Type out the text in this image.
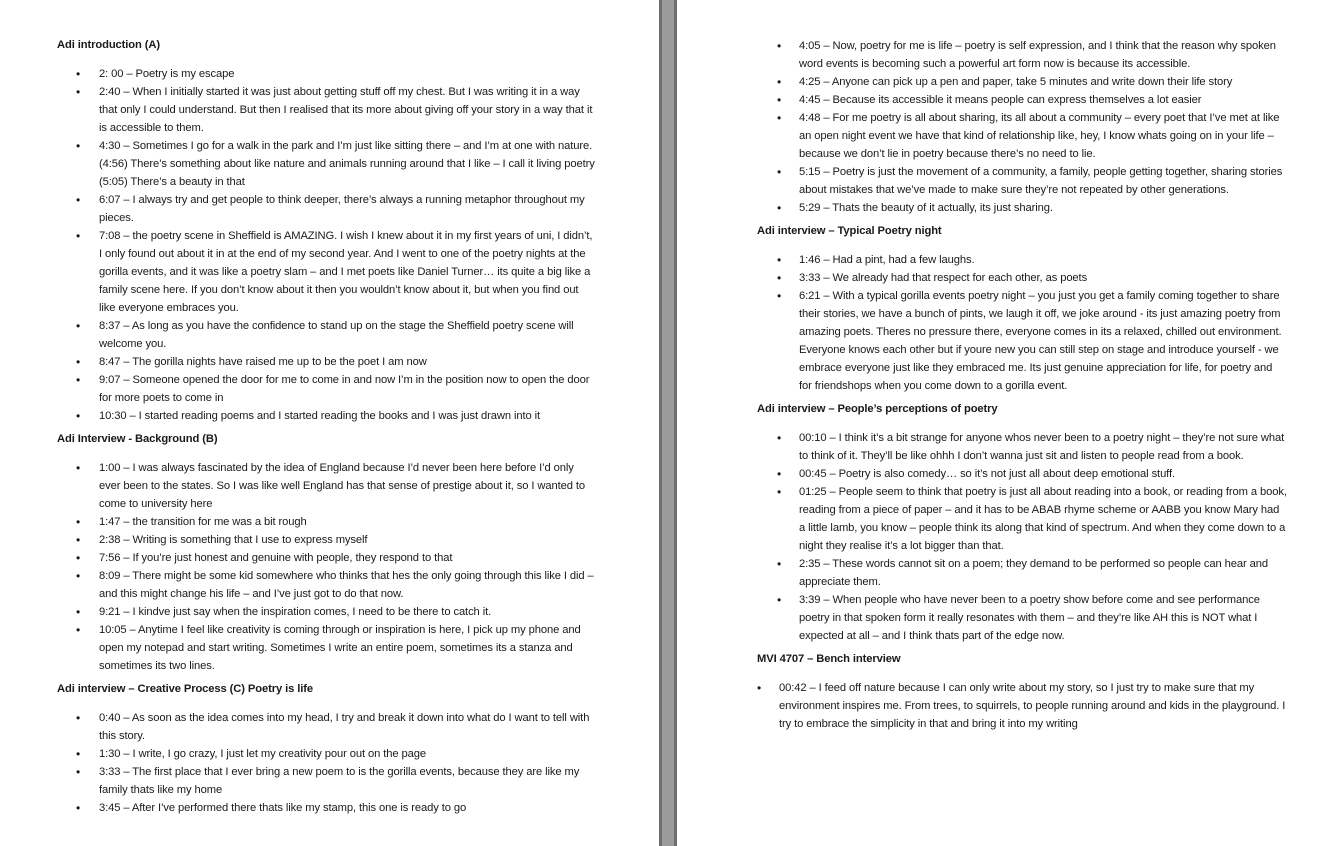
Adi introduction (A)
• 2: 00 – Poetry is my escape
• 2:40 – When I initially started it was just about getting stuff off my chest. But I was writing it in a way that only I could understand. But then I realised that its more about giving off your story in a way that it is accessible to them.
• 4:30 – Sometimes I go for a walk in the park and I’m just like sitting there – and I’m at one with nature. (4:56) There’s something about like nature and animals running around that I like – I call it living poetry (5:05) There’s a beauty in that
• 6:07 – I always try and get people to think deeper, there’s always a running metaphor throughout my pieces.
• 7:08 – the poetry scene in Sheffield is AMAZING. I wish I knew about it in my first years of uni, I didn’t, I only found out about it in at the end of my second year. And I went to one of the poetry nights at the gorilla events, and it was like a poetry slam – and I met poets like Daniel Turner… its quite a big like a family scene here. If you don’t know about it then you wouldn’t know about it, but when you find out like everyone embraces you.
• 8:37 – As long as you have the confidence to stand up on the stage the Sheffield poetry scene will welcome you.
• 8:47 – The gorilla nights have raised me up to be the poet I am now
• 9:07 – Someone opened the door for me to come in and now I’m in the position now to open the door for more poets to come in
• 10:30 – I started reading poems and I started reading the books and I was just drawn into it
Adi Interview - Background (B)
• 1:00 – I was always fascinated by the idea of England because I’d never been here before I’d only ever been to the states. So I was like well England has that sense of prestige about it, so I wanted to come to university here
• 1:47 – the transition for me was a bit rough
• 2:38 – Writing is something that I use to express myself
• 7:56 – If you’re just honest and genuine with people, they respond to that
• 8:09 – There might be some kid somewhere who thinks that hes the only going through this like I did – and this might change his life – and I’ve just got to do that now.
• 9:21 – I kindve just say when the inspiration comes, I need to be there to catch it.
• 10:05 – Anytime I feel like creativity is coming through or inspiration is here, I pick up my phone and open my notepad and start writing. Sometimes I write an entire poem, sometimes its a stanza and sometimes its two lines.
Adi interview – Creative Process (C) Poetry is life
• 0:40 – As soon as the idea comes into my head, I try and break it down into what do I want to tell with this story.
• 1:30 – I write, I go crazy, I just let my creativity pour out on the page
• 3:33 – The first place that I ever bring a new poem to is the gorilla events, because they are like my family thats like my home
• 3:45 – After I’ve performed there thats like my stamp, this one is ready to go
• 4:05 – Now, poetry for me is life – poetry is self expression, and I think that the reason why spoken word events is becoming such a powerful art form now is because its accessible.
• 4:25 – Anyone can pick up a pen and paper, take 5 minutes and write down their life story
• 4:45 – Because its accessible it means people can express themselves a lot easier
• 4:48 – For me poetry is all about sharing, its all about a community – every poet that I’ve met at like an open night event we have that kind of relationship like, hey, I know whats going on in your life – because we don’t lie in poetry because there’s no need to lie.
• 5:15 – Poetry is just the movement of a community, a family, people getting together, sharing stories about mistakes that we’ve made to make sure they’re not repeated by other generations.
• 5:29 – Thats the beauty of it actually, its just sharing.
Adi interview – Typical Poetry night
• 1:46 – Had a pint, had a few laughs.
• 3:33 – We already had that respect for each other, as poets
• 6:21 – With a typical gorilla events poetry night – you just you get a family coming together to share their stories, we have a bunch of pints, we laugh it off, we joke around - its just amazing poetry from amazing poets. Theres no pressure there, everyone comes in its a relaxed, chilled out environment. Everyone knows each other but if youre new you can still step on stage and introduce yourself - we embrace everyone just like they embraced me. Its just genuine appreciation for life, for poetry and for friendshops when you come down to a gorilla event.
Adi interview – People’s perceptions of poetry
• 00:10 – I think it’s a bit strange for anyone whos never been to a poetry night – they’re not sure what to think of it. They’ll be like ohhh I don’t wanna just sit and listen to people read from a book.
• 00:45 – Poetry is also comedy… so it’s not just all about deep emotional stuff.
• 01:25 – People seem to think that poetry is just all about reading into a book, or reading from a book, reading from a piece of paper – and it has to be ABAB rhyme scheme or AABB you know Mary had a little lamb, you know – people think its along that kind of spectrum. And when they come down to a night they realise it’s a lot bigger than that.
• 2:35 – These words cannot sit on a poem; they demand to be performed so people can hear and appreciate them.
• 3:39 – When people who have never been to a poetry show before come and see performance poetry in that spoken form it really resonates with them – and they’re like AH this is NOT what I expected at all – and I think thats part of the edge now.
MVI 4707 – Bench interview
• 00:42 – I feed off nature because I can only write about my story, so I just try to make sure that my environment inspires me. From trees, to squirrels, to people running around and kids in the playground. I try to embrace the simplicity in that and bring it into my writing
